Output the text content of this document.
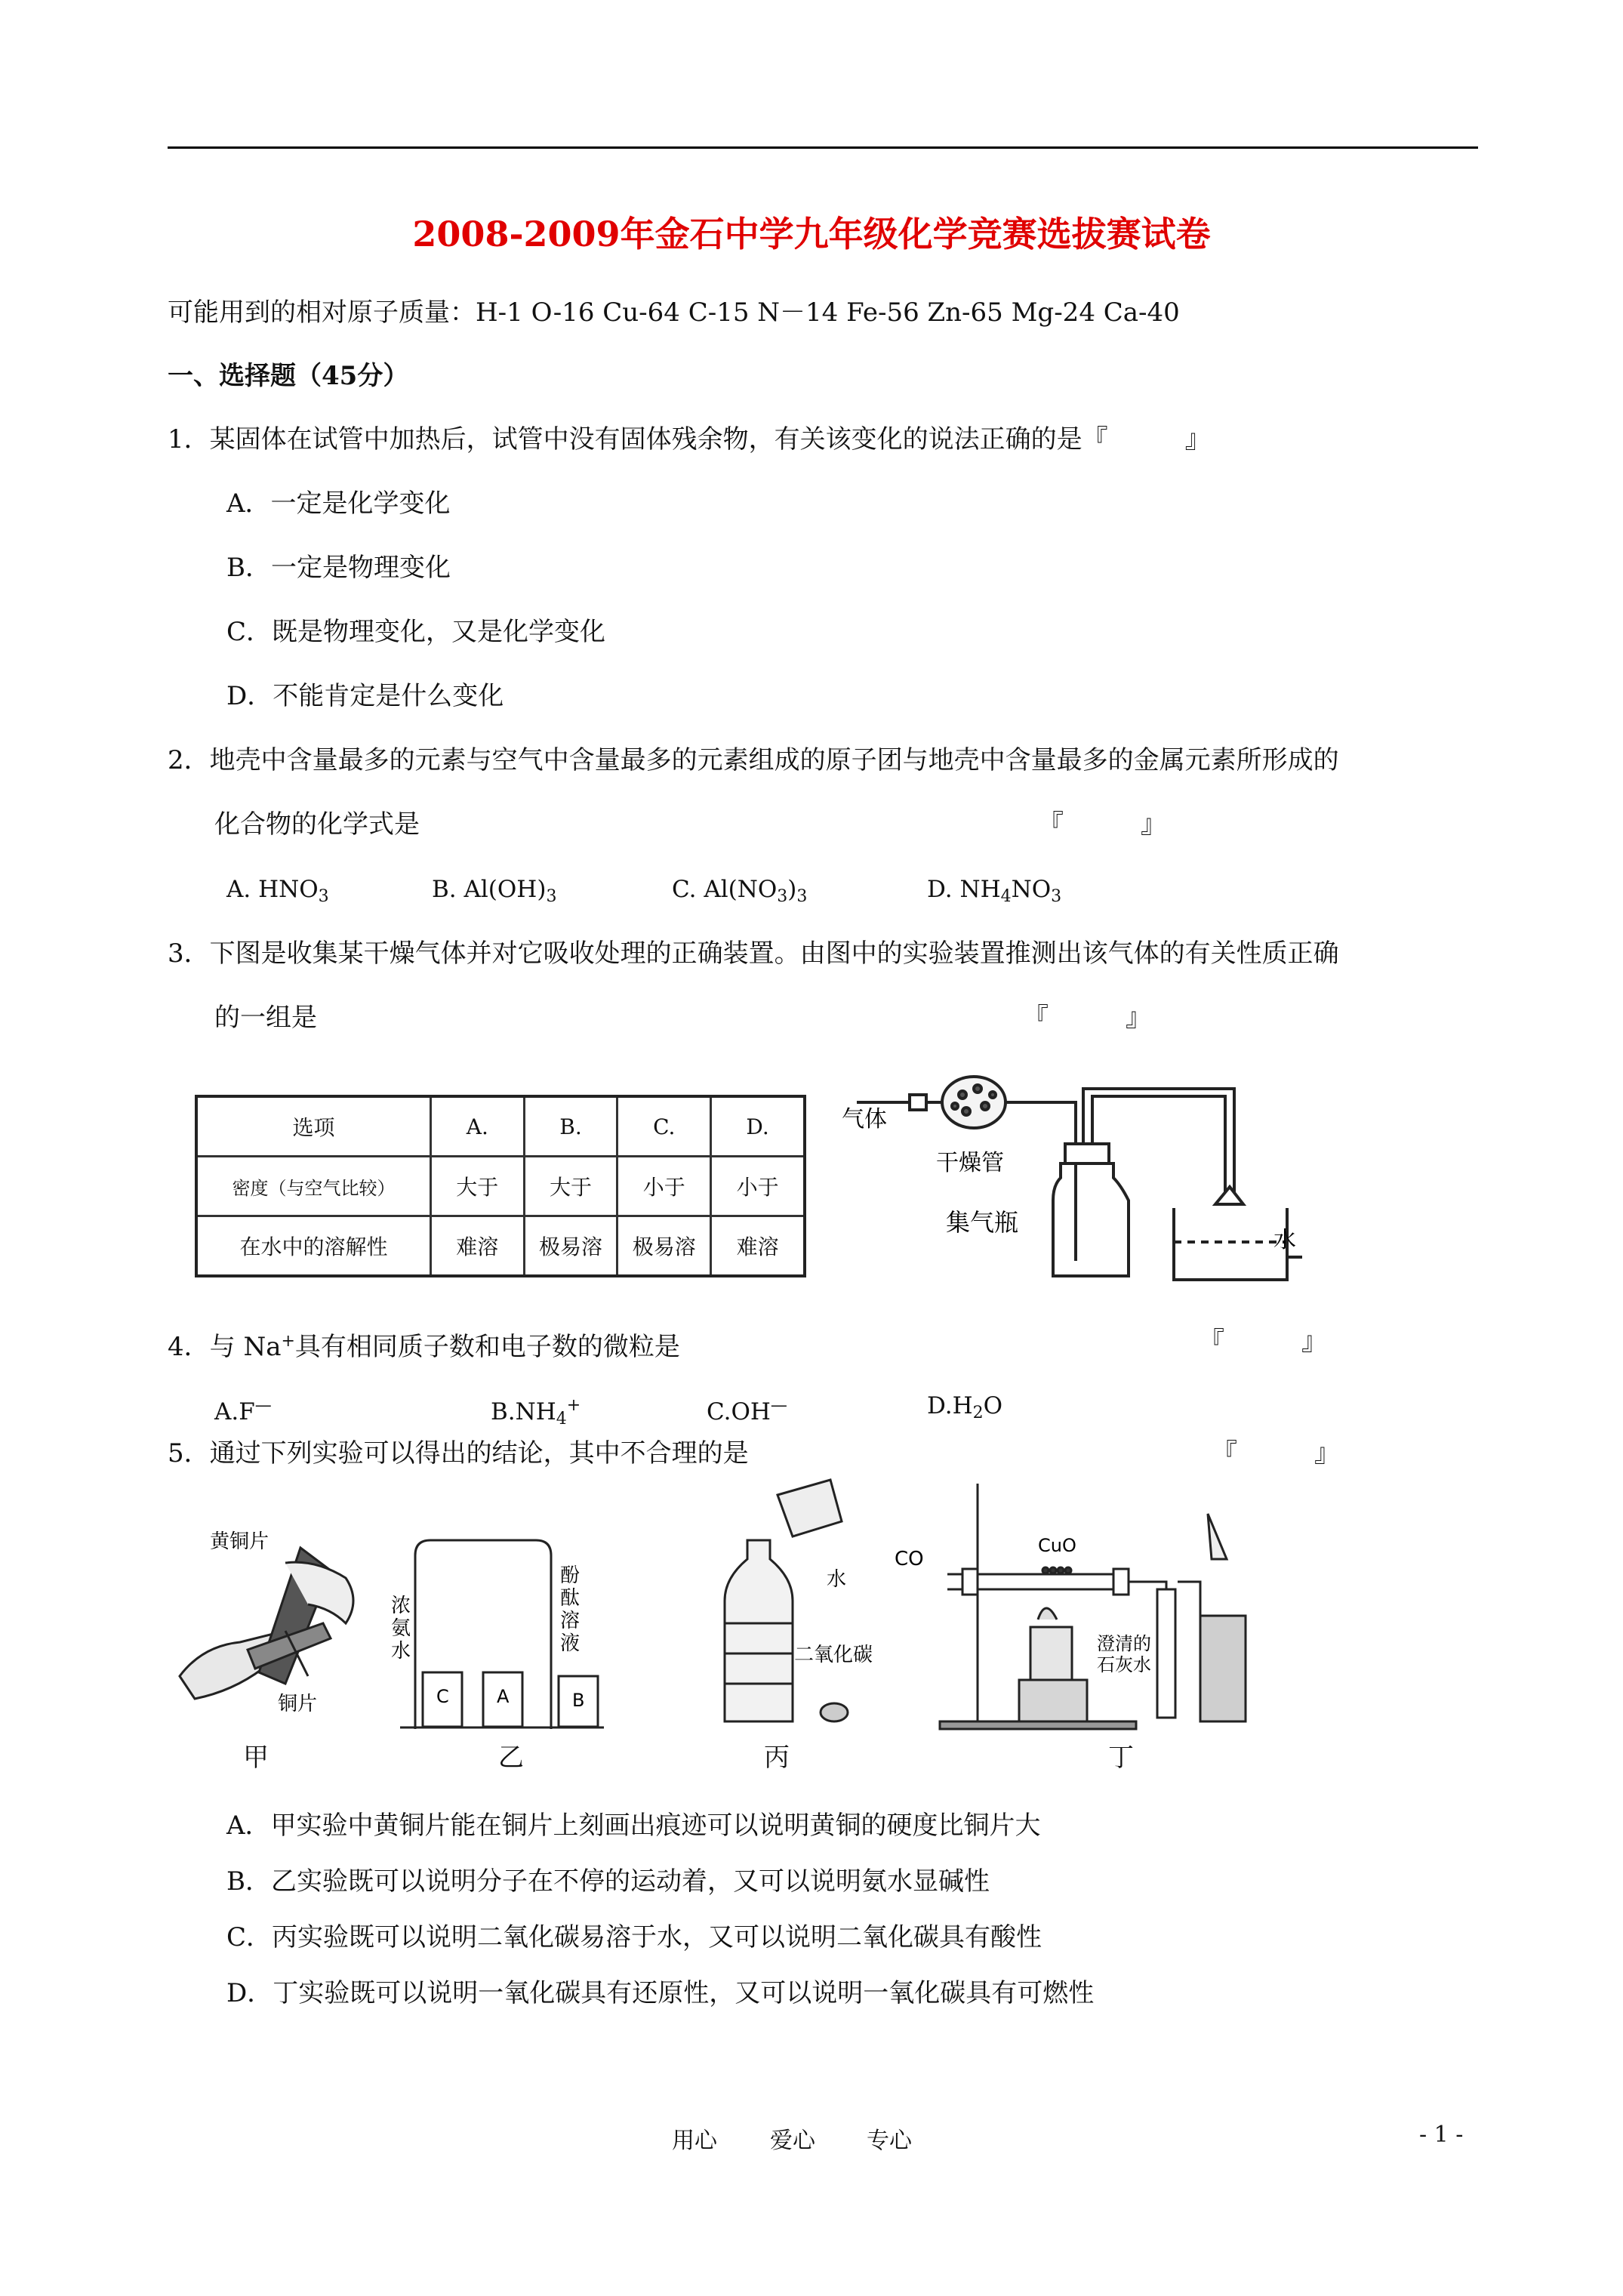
2008-2009年金石中学九年级化学竞赛选拔赛试卷
可能用到的相对原子质量：H-1 O-16 Cu-64 C-15 N－14 Fe-56 Zn-65 Mg-24 Ca-40
一、选择题（45分）
1．某固体在试管中加热后，试管中没有固体残余物，有关该变化的说法正确的是『　　　』
A．一定是化学变化
B．一定是物理变化
C．既是物理变化，又是化学变化
D．不能肯定是什么变化
2．地壳中含量最多的元素与空气中含量最多的元素组成的原子团与地壳中含量最多的金属元素所形成的
化合物的化学式是	『　　　』
A. $HNO_3$	B. $Al(OH)_3$	C. $Al(NO_3)_3$	D. $NH_4NO_3$
3．下图是收集某干燥气体并对它吸收处理的正确装置。由图中的实验装置推测出该气体的有关性质正确
的一组是	『　　　』
选项	A.	B.	C.	D.
密度（与空气比较）	大于	大于	小于	小于
在水中的溶解性	难溶	极易溶	极易溶	难溶
气体
干燥管
集气瓶
水
4．与 Na+具有相同质子数和电子数的微粒是	『　　　』
A.F—	$B.NH_4^+$	C.OH—	$D.H_2O$
5．通过下列实验可以得出的结论，其中不合理的是	『　　　』
黄铜片
铜片
甲
浓
氨
水
酚
酞
溶
液
C	A	B
乙
水
二氧化碳
丙
CO
CuO
澄清的
石灰水
丁
A．甲实验中黄铜片能在铜片上刻画出痕迹可以说明黄铜的硬度比铜片大
B．乙实验既可以说明分子在不停的运动着，又可以说明氨水显碱性
C．丙实验既可以说明二氧化碳易溶于水，又可以说明二氧化碳具有酸性
D．丁实验既可以说明一氧化碳具有还原性，又可以说明一氧化碳具有可燃性
用心 爱心 专心	- 1 -
